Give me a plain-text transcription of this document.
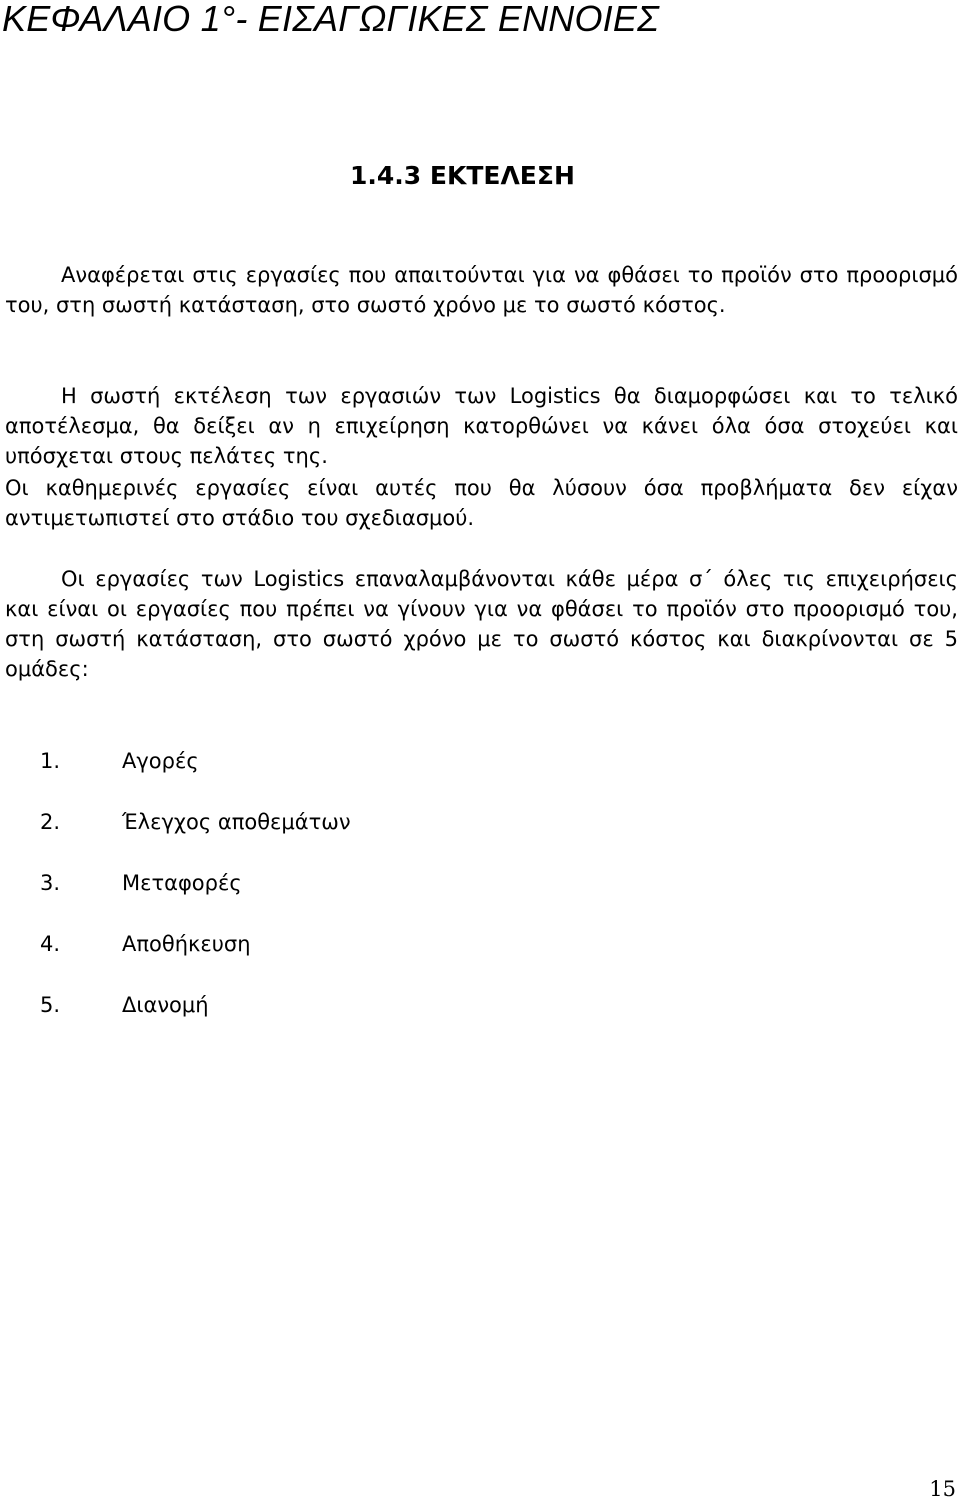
ΚΕΦΑΛΑΙΟ 1°- ΕΙΣΑΓΩΓΙΚΕΣ ΕΝΝΟΙΕΣ
1.4.3 ΕΚΤΕΛΕΣΗ

Αναφέρεται στις εργασίες που απαιτούνται για να φθάσει το προϊόν στο προορισμό του, στη σωστή κατάσταση, στο σωστό χρόνο με το σωστό κόστος.

Η σωστή εκτέλεση των εργασιών των Logistics θα διαμορφώσει και το τελικό αποτέλεσμα, θα δείξει αν η επιχείρηση κατορθώνει να κάνει όλα όσα στοχεύει και υπόσχεται στους πελάτες της.

Οι καθημερινές εργασίες είναι αυτές που θα λύσουν όσα προβλήματα δεν είχαν αντιμετωπιστεί στο στάδιο του σχεδιασμού.

Οι εργασίες των Logistics επαναλαμβάνονται κάθε μέρα σ΄ όλες τις επιχειρήσεις και είναι οι εργασίες που πρέπει να γίνουν για να φθάσει το προϊόν στο προορισμό του, στη σωστή κατάσταση, στο σωστό χρόνο με το σωστό κόστος και διακρίνονται σε 5 ομάδες:

1.	Αγορές
2.	Έλεγχος αποθεμάτων
3.	Μεταφορές
4.	Αποθήκευση
5.	Διανομή
15
